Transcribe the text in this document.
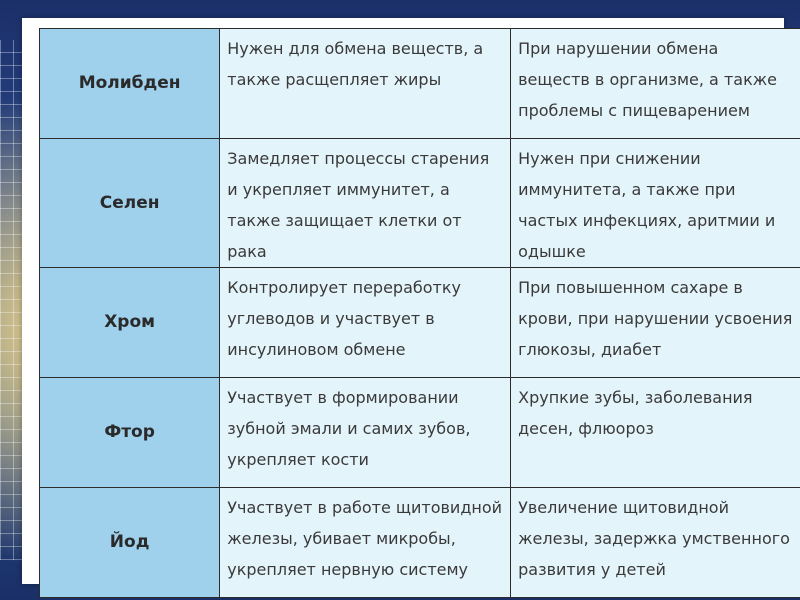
Молибден	Нужен для обмена веществ, а также расщепляет жиры	При нарушении обмена веществ в организме, а также проблемы с пищеварением
Селен	Замедляет процессы старения и укрепляет иммунитет, а также защищает клетки от рака	Нужен при снижении иммунитета, а также при частых инфекциях, аритмии и одышке
Хром	Контролирует переработку углеводов и участвует в инсулиновом обмене	При повышенном сахаре в крови, при нарушении усвоения глюкозы, диабет
Фтор	Участвует в формировании зубной эмали и самих зубов, укрепляет кости	Хрупкие зубы, заболевания десен, флюороз
Йод	Участвует в работе щитовидной железы, убивает микробы, укрепляет нервную систему	Увеличение щитовидной железы, задержка умственного развития у детей
